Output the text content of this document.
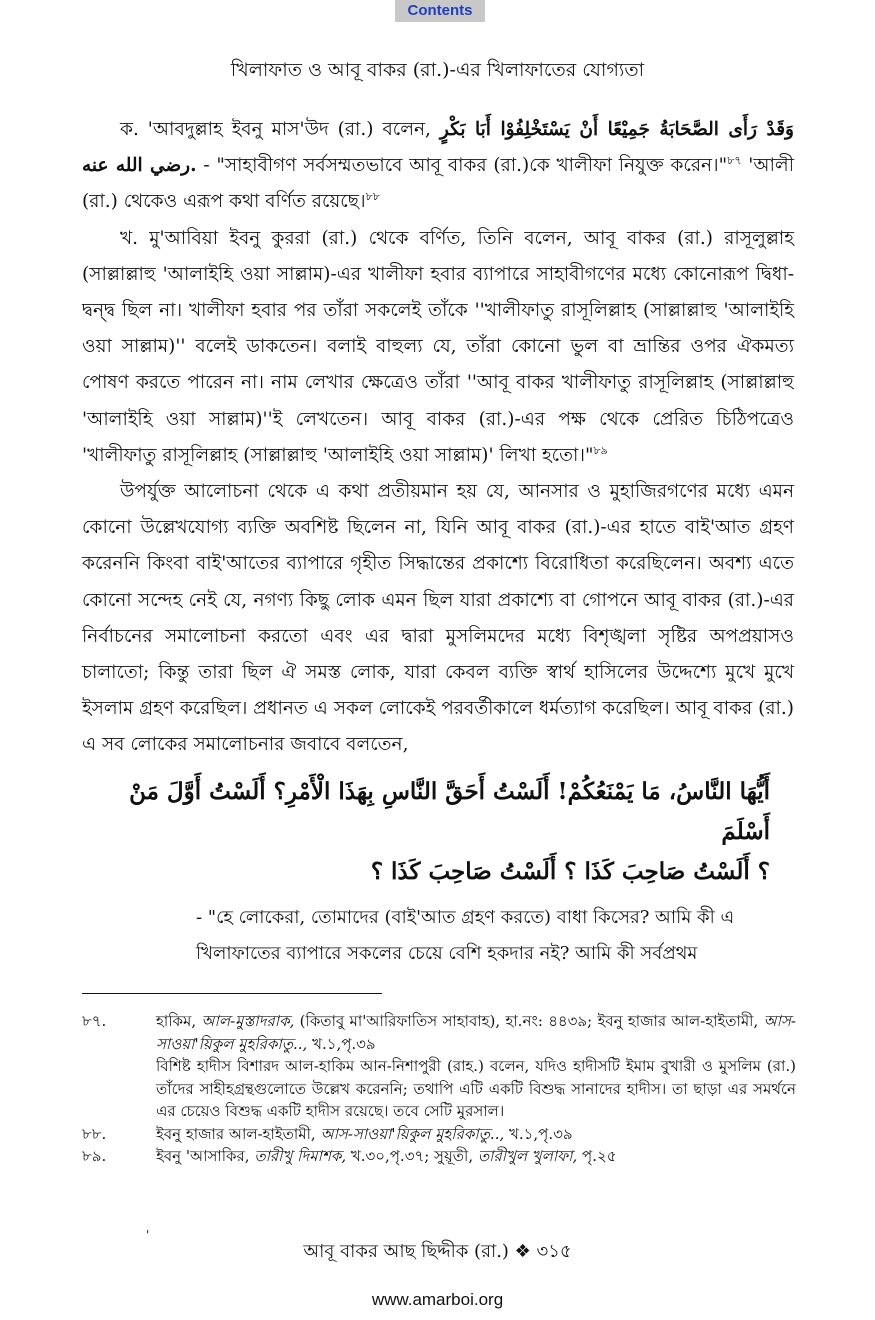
Contents
খিলাফাত ও আবূ বাকর (রা.)-এর খিলাফাতের যোগ্যতা

ক. 'আবদুল্লাহ ইবনু মাস'উদ (রা.) বলেন, وَقَدْ رَأَى الصَّحَابَةُ جَمِيْعًا أَنْ يَسْتَخْلِفُوْا أَبَا بَكْرٍ رضي الله عنه. - "সাহাবীগণ সর্বসম্মতভাবে আবূ বাকর (রা.)কে খালীফা নিযুক্ত করেন।"$^{৮৭}$ 'আলী (রা.) থেকেও এরূপ কথা বর্ণিত রয়েছে।$^{৮৮}$

খ. মু'আবিয়া ইবনু কুররা (রা.) থেকে বর্ণিত, তিনি বলেন, আবূ বাকর (রা.) রাসূলুল্লাহ (সাল্লাল্লাহু 'আলাইহি ওয়া সাল্লাম)-এর খালীফা হবার ব্যাপারে সাহাবীগণের মধ্যে কোনোরূপ দ্বিধা-দ্বন্দ্ব ছিল না। খালীফা হবার পর তাঁরা সকলেই তাঁকে ''খালীফাতু রাসূলিল্লাহ (সাল্লাল্লাহু 'আলাইহি ওয়া সাল্লাম)'' বলেই ডাকতেন। বলাই বাহুল্য যে, তাঁরা কোনো ভুল বা ভ্রান্তির ওপর ঐকমত্য পোষণ করতে পারেন না। নাম লেখার ক্ষেত্রেও তাঁরা ''আবূ বাকর খালীফাতু রাসূলিল্লাহ (সাল্লাল্লাহু 'আলাইহি ওয়া সাল্লাম)''ই লেখতেন। আবূ বাকর (রা.)-এর পক্ষ থেকে প্রেরিত চিঠিপত্রেও 'খালীফাতু রাসূলিল্লাহ (সাল্লাল্লাহু 'আলাইহি ওয়া সাল্লাম)' লিখা হতো।"$^{৮৯}$

উপর্যুক্ত আলোচনা থেকে এ কথা প্রতীয়মান হয় যে, আনসার ও মুহাজিরগণের মধ্যে এমন কোনো উল্লেখযোগ্য ব্যক্তি অবশিষ্ট ছিলেন না, যিনি আবূ বাকর (রা.)-এর হাতে বাই'আত গ্রহণ করেননি কিংবা বাই'আতের ব্যাপারে গৃহীত সিদ্ধান্তের প্রকাশ্যে বিরোধিতা করেছিলেন। অবশ্য এতে কোনো সন্দেহ নেই যে, নগণ্য কিছু লোক এমন ছিল যারা প্রকাশ্যে বা গোপনে আবূ বাকর (রা.)-এর নির্বাচনের সমালোচনা করতো এবং এর দ্বারা মুসলিমদের মধ্যে বিশৃঙ্খলা সৃষ্টির অপপ্রয়াসও চালাতো; কিন্তু তারা ছিল ঐ সমস্ত লোক, যারা কেবল ব্যক্তি স্বার্থ হাসিলের উদ্দেশ্যে মুখে মুখে ইসলাম গ্রহণ করেছিল। প্রধানত এ সকল লোকেই পরবর্তীকালে ধর্মত্যাগ করেছিল। আবূ বাকর (রা.) এ সব লোকের সমালোচনার জবাবে বলতেন,

أَيُّهَا النَّاسُ، مَا يَمْنَعُكُمْ! أَلَسْتُ أَحَقَّ النَّاسِ بِهَذَا الْأَمْرِ؟ أَلَسْتُ أَوَّلَ مَنْ أَسْلَمَ
؟ أَلَسْتُ صَاحِبَ كَذَا ؟ أَلَسْتُ صَاحِبَ كَذَا ؟

- "হে লোকেরা, তোমাদের (বাই'আত গ্রহণ করতে) বাধা কিসের? আমি কী এ

খিলাফাতের ব্যাপারে সকলের চেয়ে বেশি হকদার নই? আমি কী সর্বপ্রথম

৮৭.	হাকিম, আল-মুস্তাদরাক, (কিতাবু মা'আরিফাতিস সাহাবাহ), হা.নং: ৪৪৩৯; ইবনু হাজার আল-হাইতামী, আস-সাওয়া'য়িকুল মুহরিকাতু.., খ.১,পৃ.৩৯
বিশিষ্ট হাদীস বিশারদ আল-হাকিম আন-নিশাপুরী (রাহ.) বলেন, যদিও হাদীসটি ইমাম বুখারী ও মুসলিম (রা.) তাঁদের সাহীহগ্রন্থগুলোতে উল্লেখ করেননি; তথাপি এটি একটি বিশুদ্ধ সানাদের হাদীস। তা ছাড়া এর সমর্থনে এর চেয়েও বিশুদ্ধ একটি হাদীস রয়েছে। তবে সেটি মুরসাল।
৮৮.	ইবনু হাজার আল-হাইতামী, আস-সাওয়া'য়িকুল মুহরিকাতু.., খ.১,পৃ.৩৯
৮৯.	ইবনু 'আসাকির, তারীখু দিমাশক, খ.৩০,পৃ.৩৭; সুয়ূতী, তারীখুল খুলাফা, পৃ.২৫
'
আবূ বাকর আছ ছিদ্দীক (রা.) ❖ ৩১৫
www.amarboi.org
